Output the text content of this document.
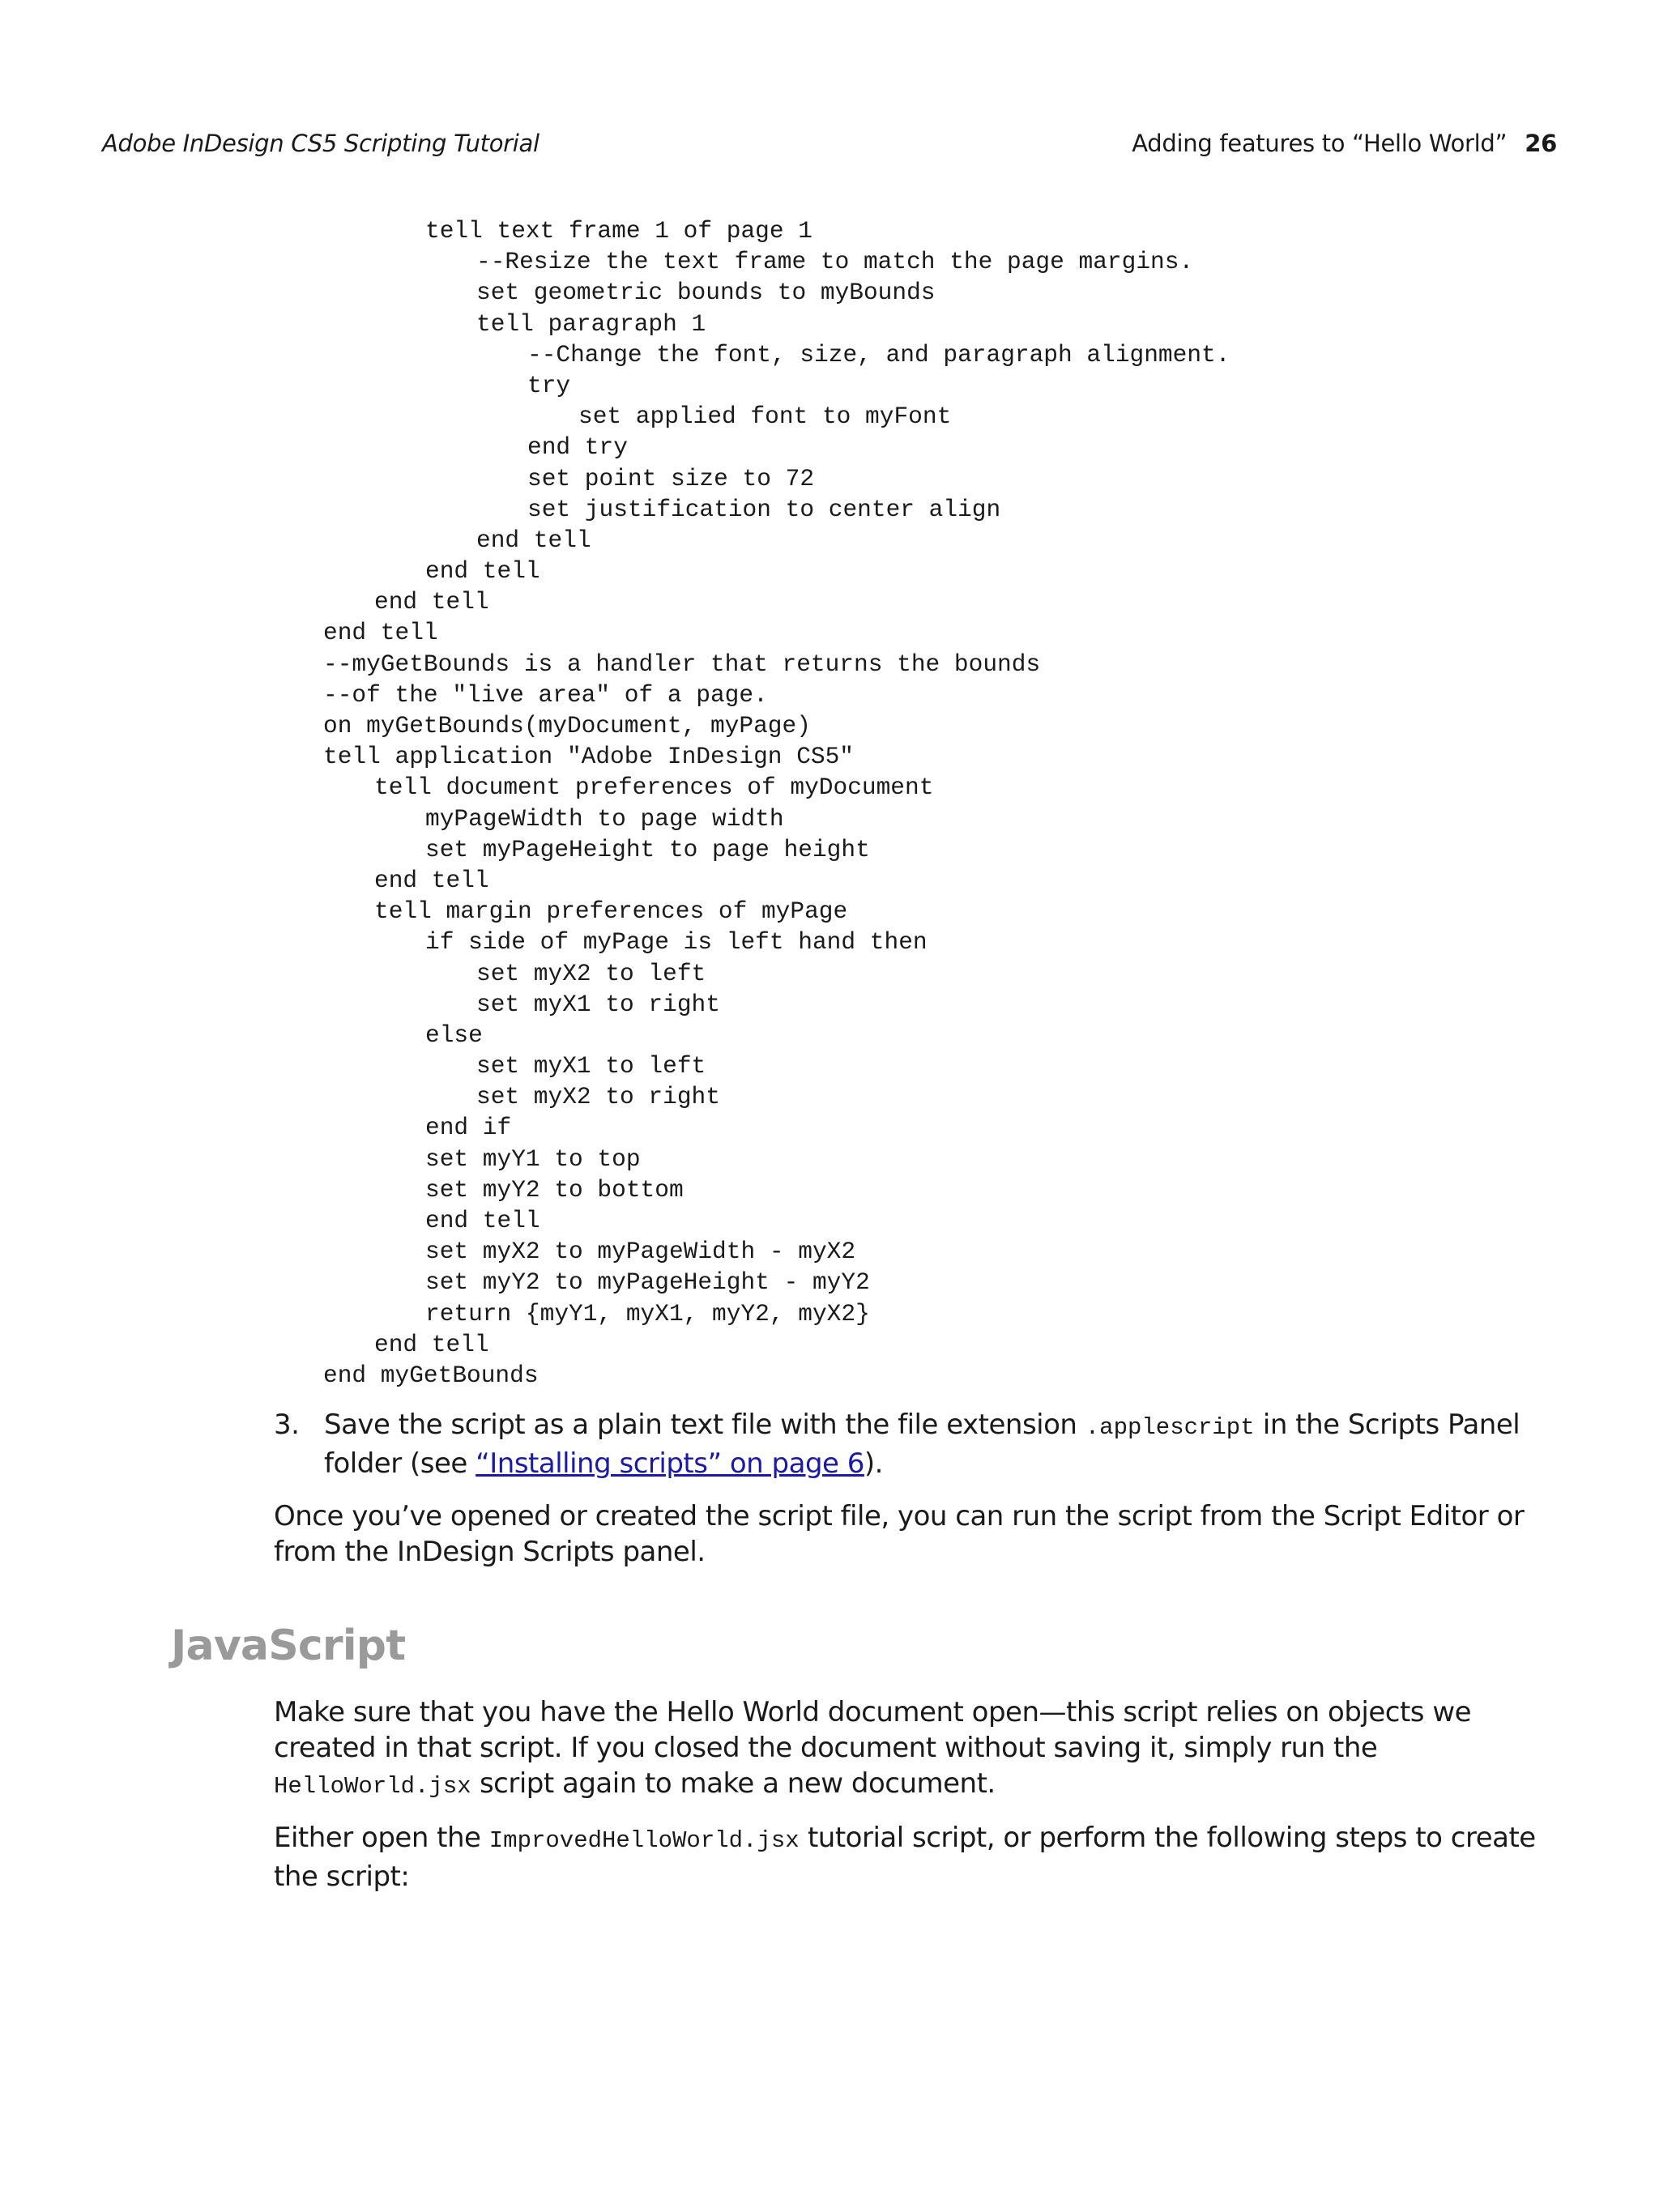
Adobe InDesign CS5 Scripting Tutorial	Adding features to “Hello World” 26
tell text frame 1 of page 1
--Resize the text frame to match the page margins.
set geometric bounds to myBounds
tell paragraph 1
--Change the font, size, and paragraph alignment.
try
set applied font to myFont
end try
set point size to 72
set justification to center align
end tell
end tell
end tell
end tell
--myGetBounds is a handler that returns the bounds
--of the "live area" of a page.
on myGetBounds(myDocument, myPage)
tell application "Adobe InDesign CS5"
tell document preferences of myDocument
myPageWidth to page width
set myPageHeight to page height
end tell
tell margin preferences of myPage
if side of myPage is left hand then
set myX2 to left
set myX1 to right
else
set myX1 to left
set myX2 to right
end if
set myY1 to top
set myY2 to bottom
end tell
set myX2 to myPageWidth - myX2
set myY2 to myPageHeight - myY2
return {myY1, myX1, myY2, myX2}
end tell
end myGetBounds
3. Save the script as a plain text file with the file extension .applescript in the Scripts Panel folder (see “Installing scripts” on page 6).

Once you’ve opened or created the script file, you can run the script from the Script Editor or from the InDesign Scripts panel.

JavaScript

Make sure that you have the Hello World document open—this script relies on objects we created in that script. If you closed the document without saving it, simply run the HelloWorld.jsx script again to make a new document.

Either open the ImprovedHelloWorld.jsx tutorial script, or perform the following steps to create the script:
